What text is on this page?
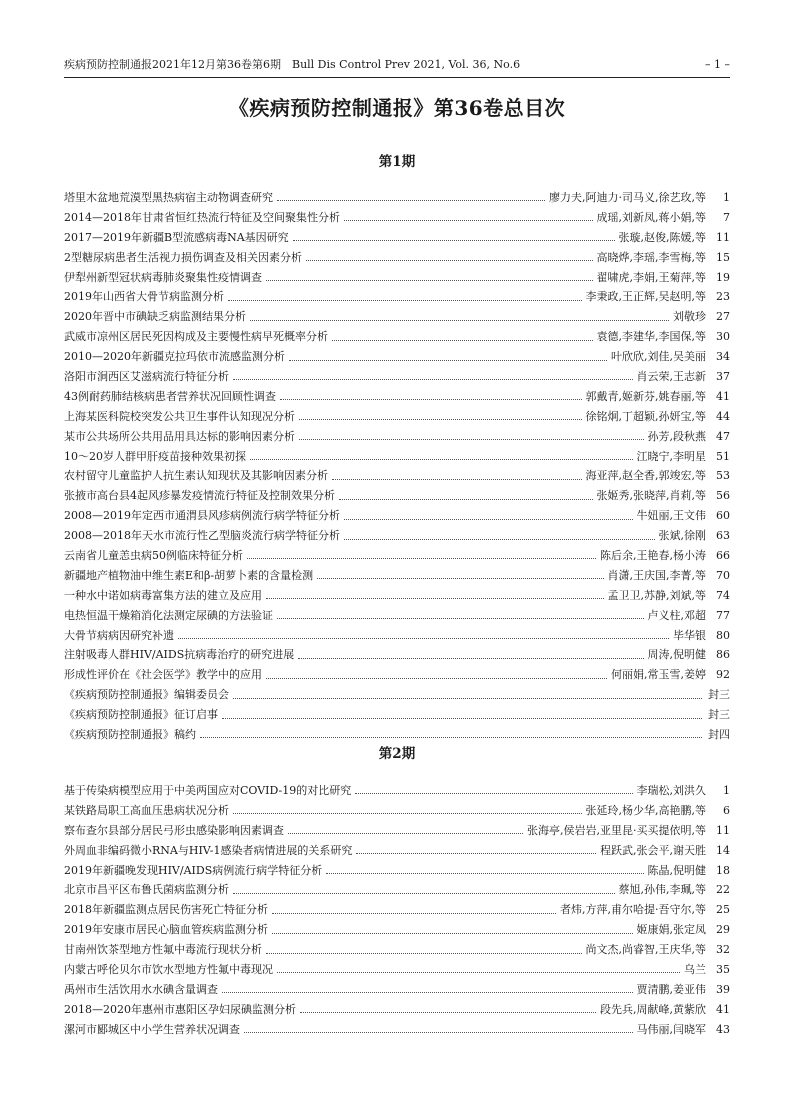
疾病预防控制通报2021年12月第36卷第6期　Bull Dis Control Prev 2021, Vol. 36, No.6	– 1 –
《疾病预防控制通报》第36卷总目次
第1期
塔里木盆地荒漠型黑热病宿主动物调查研究	廖力夫,阿迪力·司马义,徐艺玫,等	1
2014—2018年甘肃省恒红热流行特征及空间聚集性分析	成瑶,刘新凤,蒋小娟,等	7
2017—2019年新疆B型流感病毒NA基因研究	张璇,赵俊,陈媛,等 11
2型糖尿病患者生活视力损伤调查及相关因素分析	高晓烨,李瑶,李雪梅,等 15
伊犁州新型冠状病毒肺炎聚集性疫情调查	翟啸虎,李娟,王菊萍,等 19
2019年山西省大骨节病监测分析	李秉政,王正辉,吴赵明,等 23
2020年晋中市碘缺乏病监测结果分析	刘敬珍 27
武威市凉州区居民死因构成及主要慢性病早死概率分析	袁德,李建华,李国保,等 30
2010—2020年新疆克拉玛依市流感监测分析	叶欣欣,刘佳,吴美丽 34
洛阳市涧西区艾滋病流行特征分析	肖云荣,王志新 37
43例耐药肺结核病患者营养状况回顾性调查	郭戴青,姬新芬,姚春丽,等 41
上海某医科院校突发公共卫生事件认知现况分析	徐铭炯,丁超颖,孙妍宝,等 44
某市公共场所公共用品用具达标的影响因素分析	孙芳,段秋燕 47
10～20岁人群甲肝疫苗接种效果初探	江晓宁,李明星 51
农村留守儿童监护人抗生素认知现状及其影响因素分析	海亚萍,赵全香,郭竣宏,等 53
张掖市高台县4起风疹暴发疫情流行特征及控制效果分析	张姬秀,张晓萍,肖莉,等 56
2008—2019年定西市通渭县风疹病例流行病学特征分析	牛妞丽,王文伟 60
2008—2018年天水市流行性乙型脑炎流行病学特征分析	张斌,徐刚 63
云南省儿童恙虫病50例临床特征分析	陈后余,王艳春,杨小涛 66
新疆地产植物油中维生素E和β-胡萝卜素的含量检测	肖潇,王庆国,李菁,等 70
一种水中诺如病毒富集方法的建立及应用	孟卫卫,苏静,刘斌,等 74
电热恒温干燥箱消化法测定尿碘的方法验证	卢义柱,邓超 77
大骨节病病因研究补遗	毕华银 80
注射吸毒人群HIV/AIDS抗病毒治疗的研究进展	周涛,倪明健 86
形成性评价在《社会医学》教学中的应用	何丽娟,常玉雪,姜婷 92
《疾病预防控制通报》编辑委员会	封三
《疾病预防控制通报》征订启事	封三
《疾病预防控制通报》稿约	封四
第2期
基于传染病模型应用于中美两国应对COVID-19的对比研究	李瑞松,刘洪久	1
某铁路局职工高血压患病状况分析	张延玲,杨少华,高艳鹏,等	6
察布查尔县部分居民弓形虫感染影响因素调查	张海亭,侯岩岩,亚里昆·买买提依明,等 11
外周血非编码微小RNA与HIV-1感染者病情进展的关系研究	程跃武,张会平,谢天胜 14
2019年新疆晚发现HIV/AIDS病例流行病学特征分析	陈晶,倪明健 18
北京市昌平区布鲁氏菌病监测分析	蔡旭,孙伟,李珮,等 22
2018年新疆监测点居民伤害死亡特征分析	者炜,方萍,甫尔哈提·吾守尔,等 25
2019年安康市居民心脑血管疾病监测分析	姬康娟,张定凤 29
甘南州饮茶型地方性氟中毒流行现状分析	尚文杰,尚睿智,王庆华,等 32
内蒙古呼伦贝尔市饮水型地方性氟中毒现况	乌兰 35
禹州市生活饮用水水碘含量调查	贾清鹏,姜亚伟 39
2018—2020年惠州市惠阳区孕妇尿碘监测分析	段先兵,周献峰,黄紫欣 41
漯河市郾城区中小学生营养状况调查	马伟丽,闫晓军 43
